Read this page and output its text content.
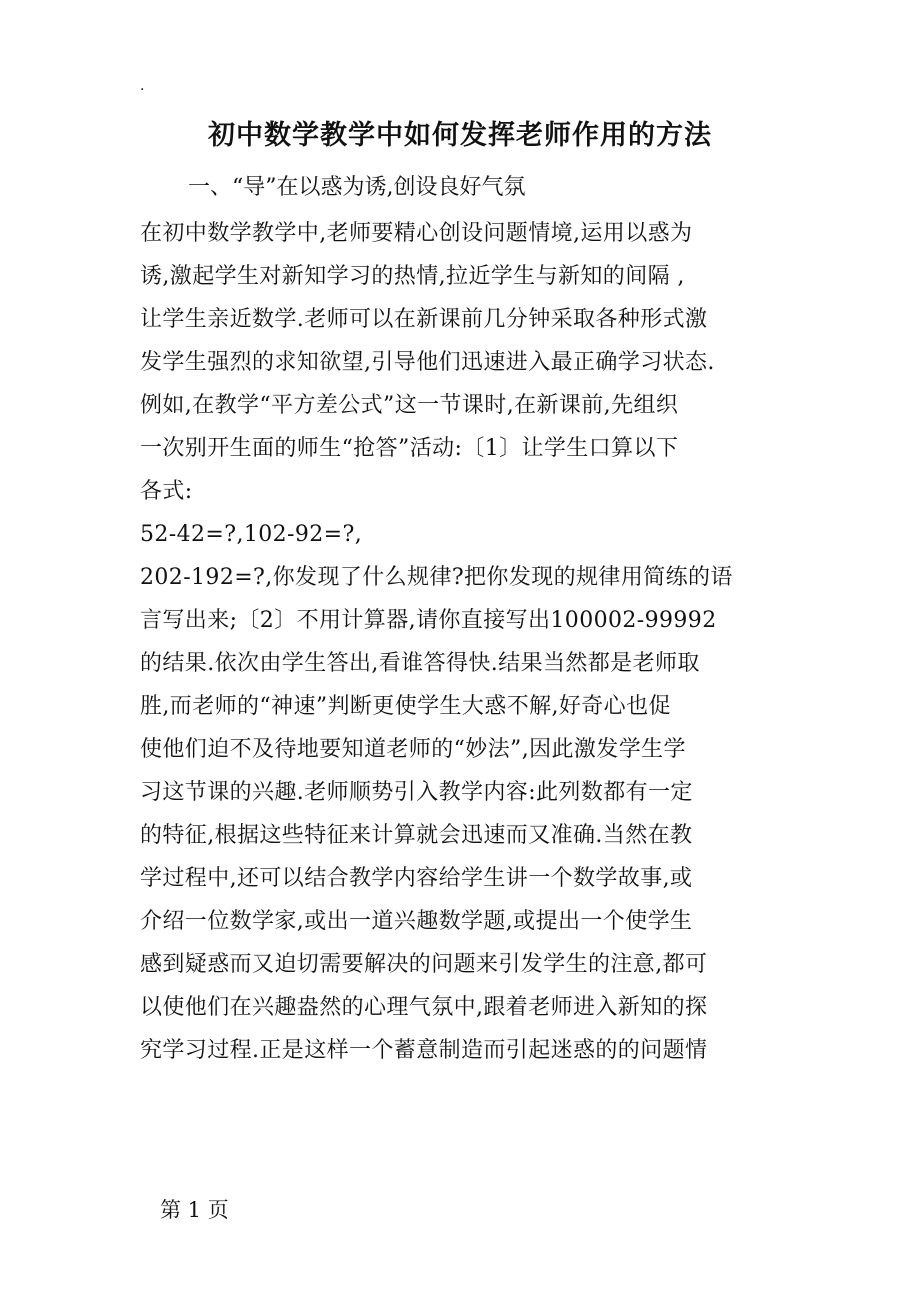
.
初中数学教学中如何发挥老师作用的方法
一、“导”在以惑为诱,创设良好气氛
在初中数学教学中,老师要精心创设问题情境,运用以惑为
诱,激起学生对新知学习的热情,拉近学生与新知的间隔 ,
让学生亲近数学.老师可以在新课前几分钟采取各种形式激
发学生强烈的求知欲望,引导他们迅速进入最正确学习状态.
例如,在教学“平方差公式”这一节课时,在新课前,先组织
一次别开生面的师生“抢答”活动:〔1〕让学生口算以下
各式:
52-42=?,102-92=?,
202-192=?,你发现了什么规律?把你发现的规律用简练的语
言写出来;〔2〕不用计算器,请你直接写出100002-99992
的结果.依次由学生答出,看谁答得快.结果当然都是老师取
胜,而老师的“神速”判断更使学生大惑不解,好奇心也促
使他们迫不及待地要知道老师的“妙法”,因此激发学生学
习这节课的兴趣.老师顺势引入教学内容:此列数都有一定
的特征,根据这些特征来计算就会迅速而又准确.当然在教
学过程中,还可以结合教学内容给学生讲一个数学故事,或
介绍一位数学家,或出一道兴趣数学题,或提出一个使学生
感到疑惑而又迫切需要解决的问题来引发学生的注意,都可
以使他们在兴趣盎然的心理气氛中,跟着老师进入新知的探
究学习过程.正是这样一个蓄意制造而引起迷惑的的问题情
第 1 页
